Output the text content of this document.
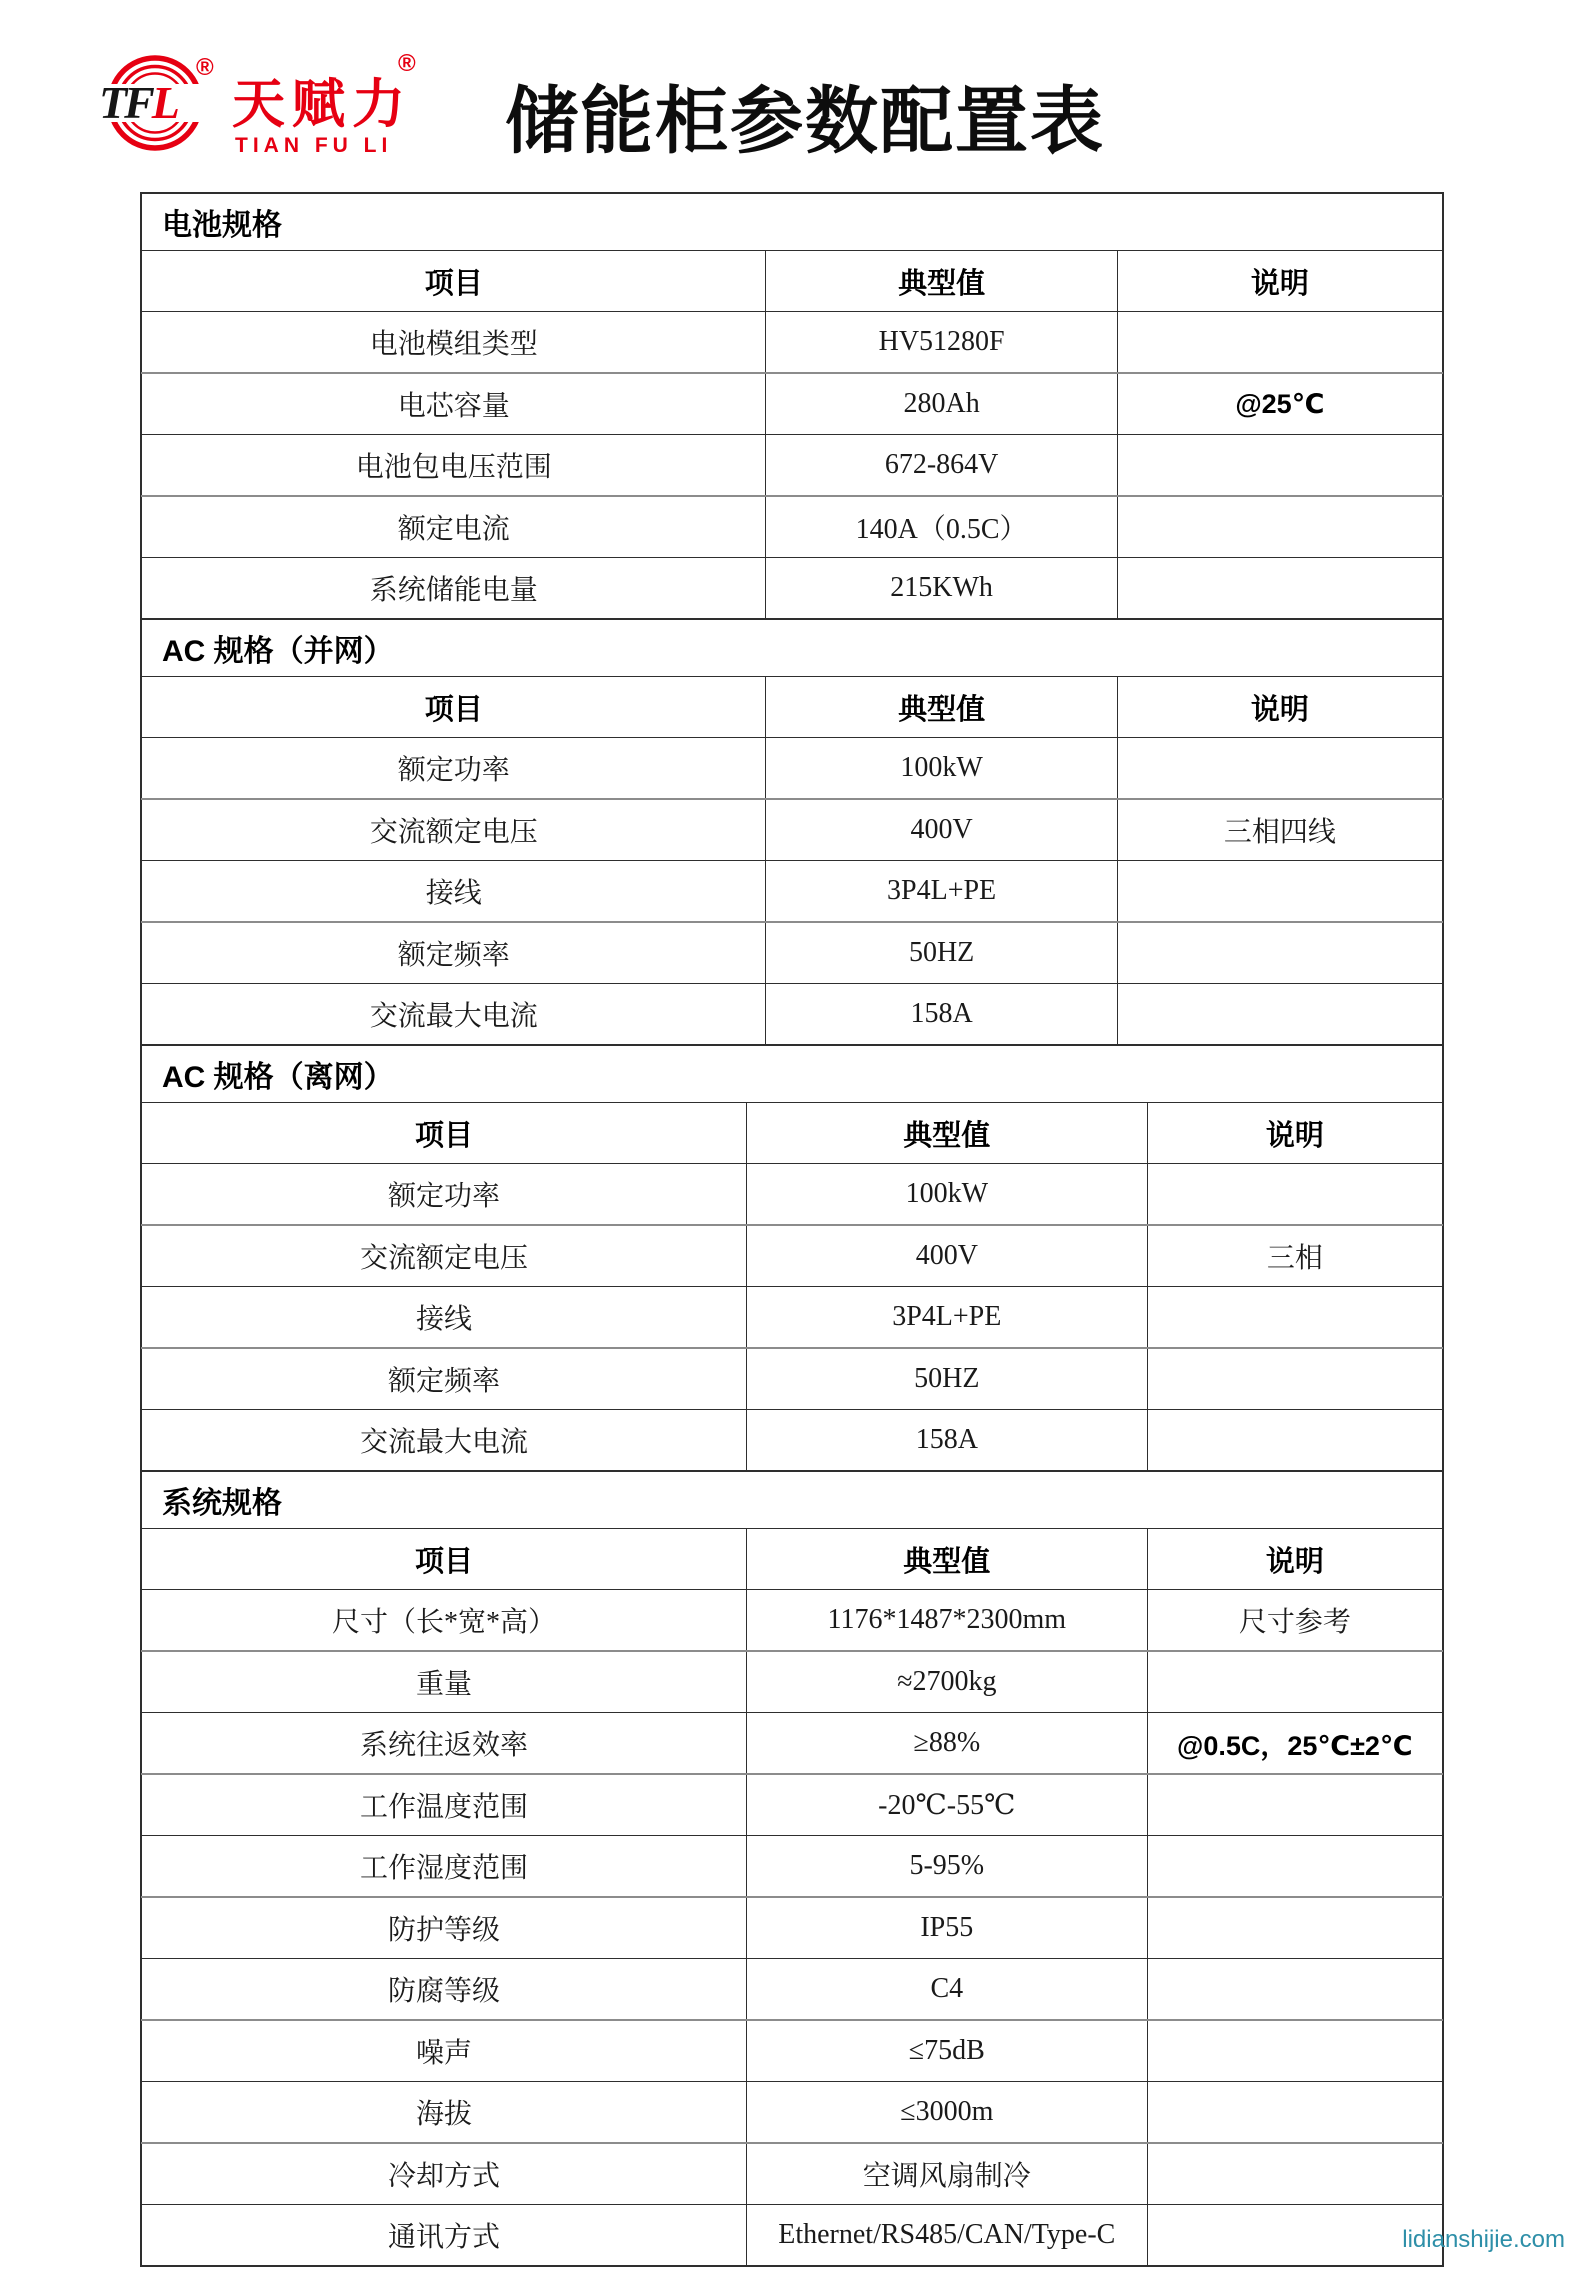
TFL
®
天赋力
®
TIAN FU LI 储能柜参数配置表
电池规格		
项目	典型值	说明
电池模组类型	HV51280F	
电芯容量	280Ah	@25℃
电池包电压范围	672-864V	
额定电流	140A（0.5C）	
系统储能电量	215KWh	
AC 规格（并网）		
项目	典型值	说明
额定功率	100kW	
交流额定电压	400V	三相四线
接线	3P4L+PE	
额定频率	50HZ	
交流最大电流	158A	
AC 规格（离网）		
项目	典型值	说明
额定功率	100kW	
交流额定电压	400V	三相
接线	3P4L+PE	
额定频率	50HZ	
交流最大电流	158A	
系统规格		
项目	典型值	说明
尺寸（长*宽*高）	1176*1487*2300mm	尺寸参考
重量	≈2700kg	
系统往返效率	≥88%	@0.5C，25℃±2℃
工作温度范围	-20℃-55℃	
工作湿度范围	5-95%	
防护等级	IP55	
防腐等级	C4	
噪声	≤75dB	
海拔	≤3000m	
冷却方式	空调风扇制冷	
通讯方式	Ethernet/RS485/CAN/Type-C		lidianshijie.com
